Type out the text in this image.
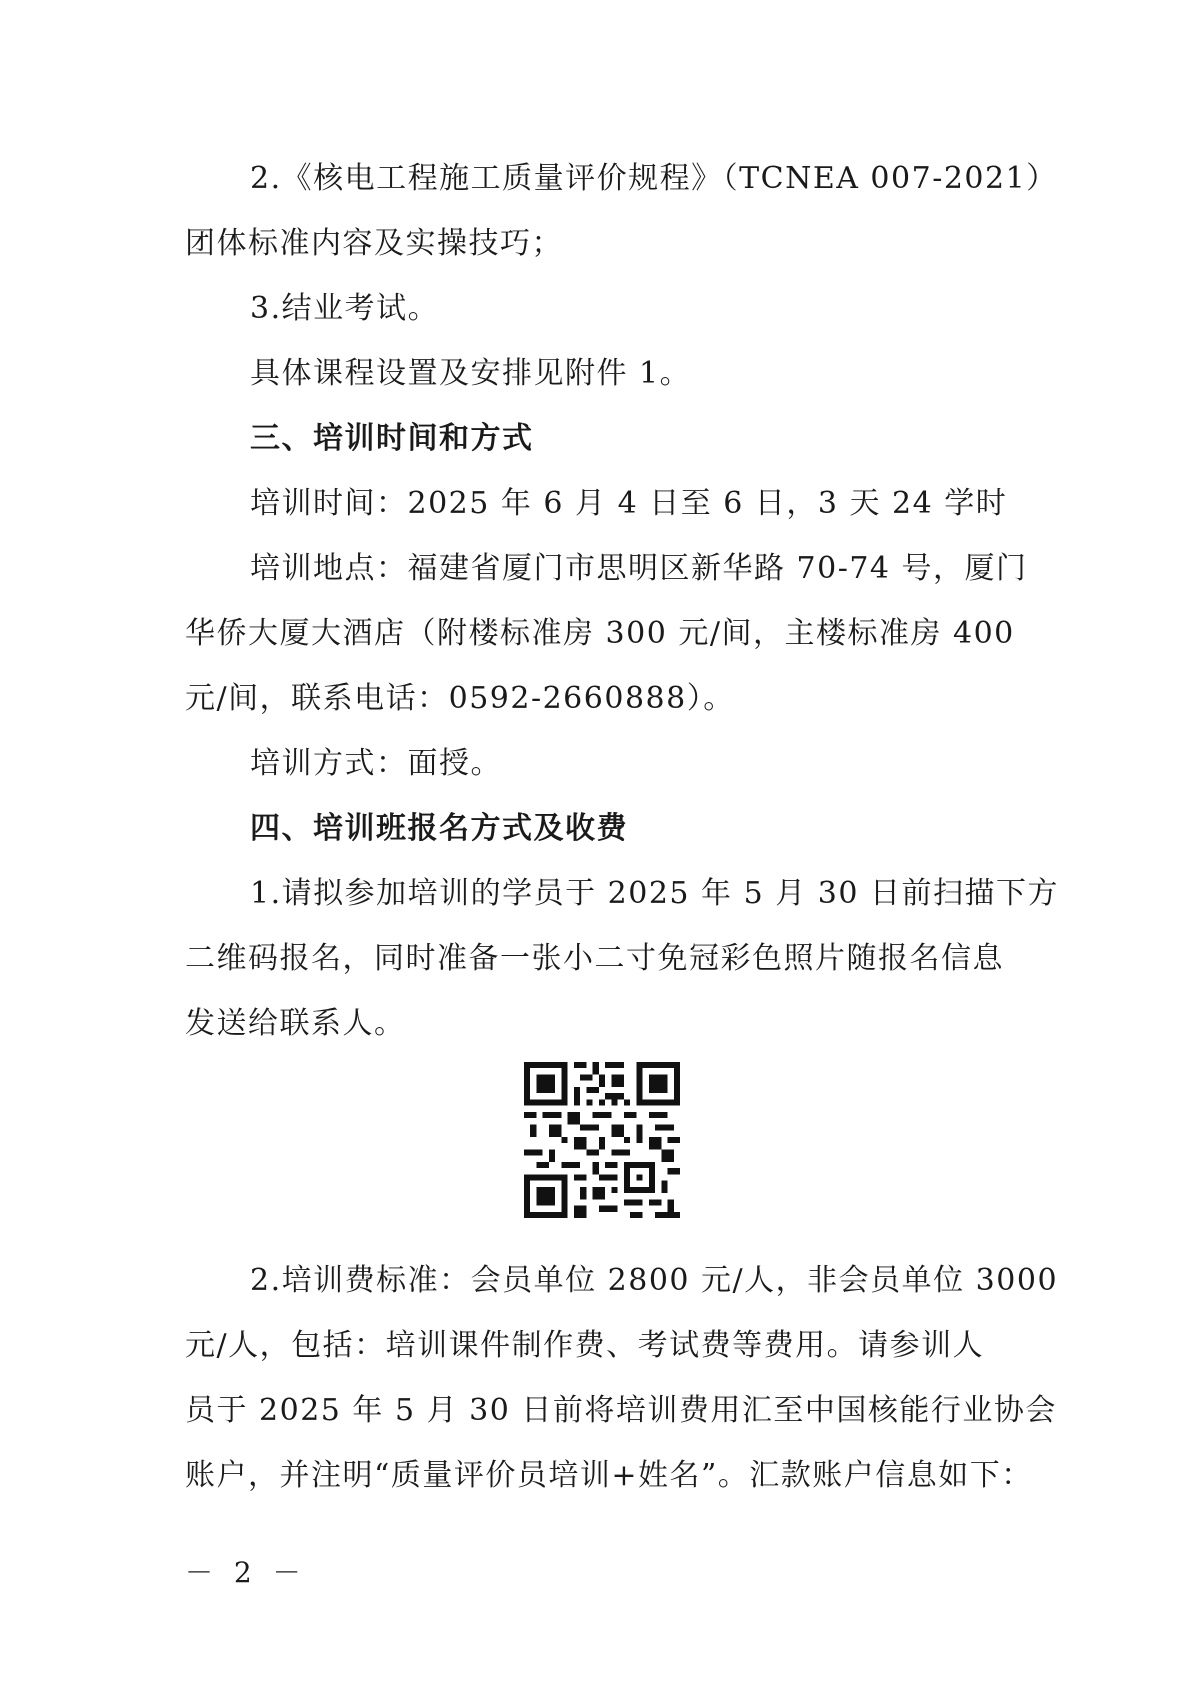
2.《核电工程施工质量评价规程》（TCNEA 007-2021）
团体标准内容及实操技巧；
3.结业考试。
具体课程设置及安排见附件 1。
三、培训时间和方式
培训时间：2025 年 6 月 4 日至 6 日，3 天 24 学时
培训地点：福建省厦门市思明区新华路 70-74 号，厦门
华侨大厦大酒店（附楼标准房 300 元/间，主楼标准房 400
元/间，联系电话：0592-2660888）。
培训方式：面授。
四、培训班报名方式及收费
1.请拟参加培训的学员于 2025 年 5 月 30 日前扫描下方
二维码报名，同时准备一张小二寸免冠彩色照片随报名信息
发送给联系人。
2.培训费标准：会员单位 2800 元/人，非会员单位 3000
元/人，包括：培训课件制作费、考试费等费用。请参训人
员于 2025 年 5 月 30 日前将培训费用汇至中国核能行业协会
账户，并注明“质量评价员培训+姓名”。汇款账户信息如下：
－ 2 －
